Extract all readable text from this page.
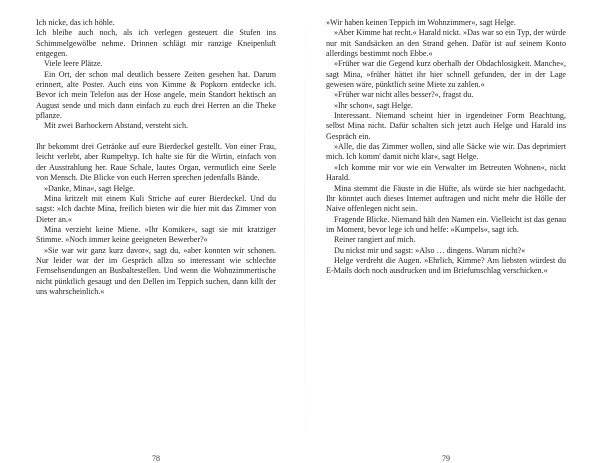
Ich nicke, das ich höhle.

Ich bleibe auch noch, als ich verlegen gesteuert die Stufen ins Schimmelgewölbe nehme. Drinnen schlägt mir ranzige Kneipenluft entgegen.

Viele leere Plätze.

Ein Ort, der schon mal deutlich bessere Zeiten gesehen hat. Darum erinnert, alte Poster. Auch eins von Kimme & Popkorn entdecke ich. Bevor ich mein Telefon aus der Hose angele, mein Standort hektisch an August sende und mich dann einfach zu euch drei Herren an die Theke pflanze.

Mit zwei Barhockern Abstand, versteht sich.

Ihr bekommt drei Getränke auf eure Bierdeckel gestellt. Von einer Frau, leicht verlebt, aber Rumpeltyp. Ich halte sie für die Wirtin, einfach von der Ausstrahlung her. Raue Schale, lautes Organ, vermutlich eine Seele von Mensch. Die Blicke von euch Herren sprechen jedenfalls Bände.

»Danke, Mina«, sagt Helge.

Mina kritzelt mit einem Kuli Striche auf eurer Bierdeckel. Und du sagst: »Ich dachte Mina, freilich bieten wir die hier mit das Zimmer von Dieter an.«

Mina verzieht keine Miene. »Ihr Komiker«, sagt sie mit kratziger Stimme. »Noch immer keine geeigneten Bewerber?«

»Sie war wir ganz kurz davor«, sagt du, »aber konnten wir schonen. Nur leider war der im Gespräch allzu so interessant wie schlechte Fernsehsendungen an Busbaltestellen. Und wenn die Wohnzimmertische nicht pünktlich gesaugt und den Dellen im Teppich suchen, dann killt der uns wahrscheinlich.«

78

»Wir haben keinen Teppich im Wohnzimmer«, sagt Helge.

»Aber Kimme hat recht.« Harald nickt. »Das war so ein Typ, der würde nur mit Sandsäcken an den Strand gehen. Dafür ist auf seinem Konto allerdings bestimmt noch Ebbe.«

»Früher war die Gegend kurz oberhalb der Obdachlosigkeit. Manche«, sagt Mina, »früher hättet ihr hier schnell gefunden, der in der Lage gewesen wäre, pünktlich seine Miete zu zahlen.«

»Früher war nicht alles besser?«, fragst du.

»Ihr schon«, sagt Helge.

Interessant. Niemand scheint hier in irgendeiner Form Beachtung, selbst Mina nicht. Dafür schalten sich jetzt auch Helge und Harald ins Gespräch ein.

»Alle, die das Zimmer wollen, sind alle Säcke wie wir. Das deprimiert mich. Ich komm' damit nicht klar«, sagt Helge.

»Ich komme mir vor wie ein Verwalter im Betreuten Wohnen«, nickt Harald.

Mina stemmt die Fäuste in die Hüfte, als würde sie hier nachgedacht. Ihr könntet auch dieses Internet auftragen und nicht mehr die Hölle der Naive offenlegen nicht sein.

Fragende Blicke. Niemand hält den Namen ein. Vielleicht ist das genau im Moment, bevor lege ich und helfe: »Kumpels«, sagt ich.

Reiner rangiert auf mich.

Du nickst mir und sagst: »Also … dingens. Warum nicht?«

Helge verdreht die Augen. »Ehrlich, Kimme? Am liebsten würdest du E-Mails doch noch ausdrucken und im Briefumschlag verschicken.«

79
